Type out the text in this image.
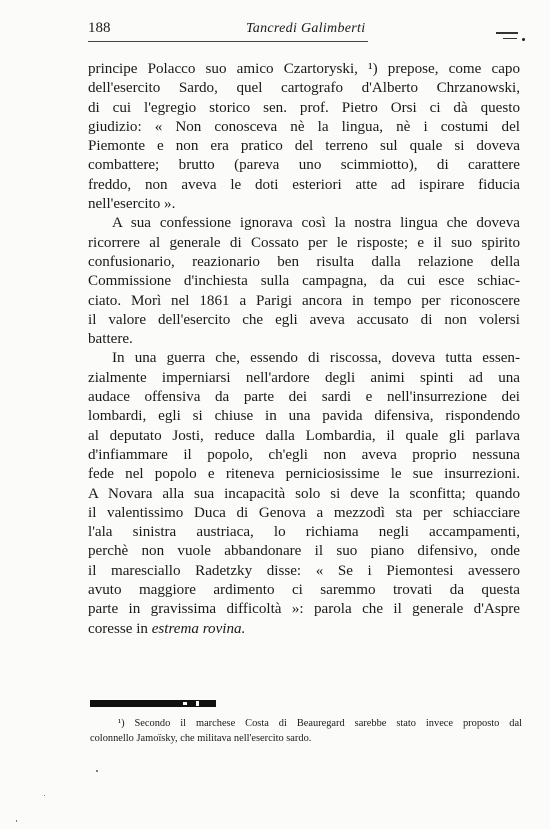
188	Tancredi Galimberti
principe Polacco suo amico Czartoryski, ¹) prepose, come capo
dell'esercito Sardo, quel cartografo d'Alberto Chrzanowski,
di cui l'egregio storico sen. prof. Pietro Orsi ci dà questo
giudizio: « Non conosceva nè la lingua, nè i costumi del
Piemonte e non era pratico del terreno sul quale si doveva
combattere; brutto (pareva uno scimmiotto), di carattere
freddo, non aveva le doti esteriori atte ad ispirare fiducia
nell'esercito ».
A sua confessione ignorava così la nostra lingua che doveva
ricorrere al generale di Cossato per le risposte; e il suo spirito
confusionario, reazionario ben risulta dalla relazione della
Commissione d'inchiesta sulla campagna, da cui esce schiac-
ciato. Morì nel 1861 a Parigi ancora in tempo per riconoscere
il valore dell'esercito che egli aveva accusato di non volersi
battere.
In una guerra che, essendo di riscossa, doveva tutta essen-
zialmente imperniarsi nell'ardore degli animi spinti ad una
audace offensiva da parte dei sardi e nell'insurrezione dei
lombardi, egli si chiuse in una pavida difensiva, rispondendo
al deputato Josti, reduce dalla Lombardia, il quale gli parlava
d'infiammare il popolo, ch'egli non aveva proprio nessuna
fede nel popolo e riteneva perniciosissime le sue insurrezioni.
A Novara alla sua incapacità solo si deve la sconfitta; quando
il valentissimo Duca di Genova a mezzodì sta per schiacciare
l'ala sinistra austriaca, lo richiama negli accampamenti,
perchè non vuole abbandonare il suo piano difensivo, onde
il maresciallo Radetzky disse: « Se i Piemontesi avessero
avuto maggiore ardimento ci saremmo trovati da questa
parte in gravissima difficoltà »: parola che il generale d'Aspre
coresse in estrema rovina.
¹) Secondo il marchese Costa di Beauregard sarebbe stato invece proposto dal
colonnello Jamoïsky, che militava nell'esercito sardo.
